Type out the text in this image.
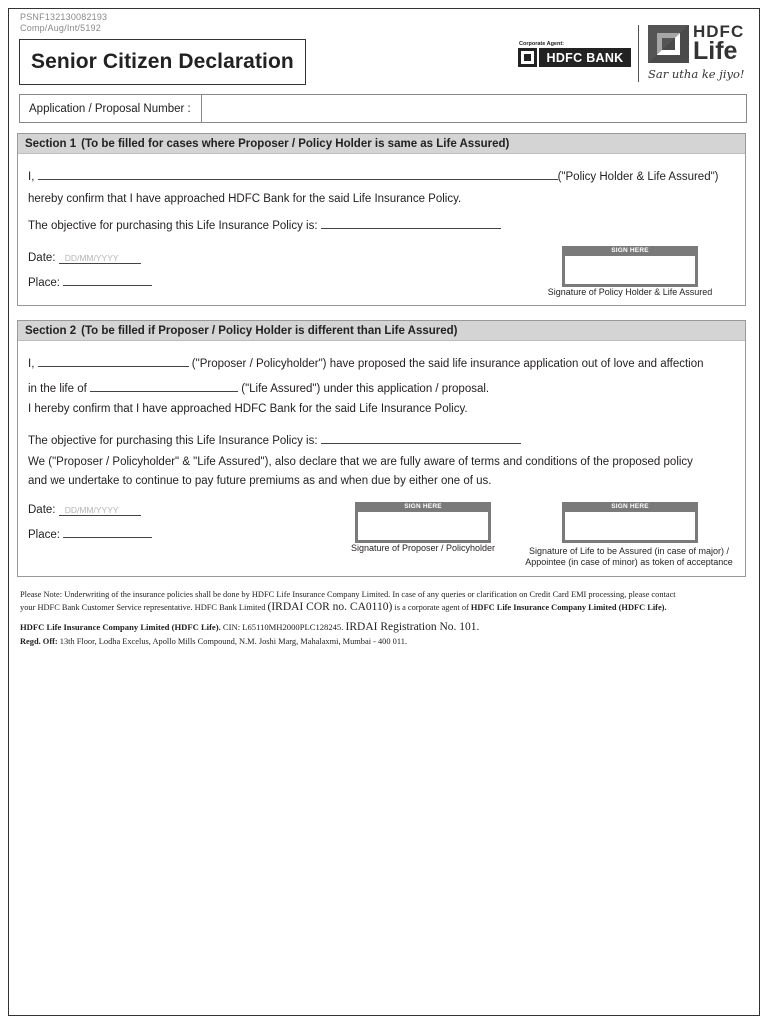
PSNF132130082193
Comp/Aug/Int/5192
Senior Citizen Declaration
Corporate Agent:
HDFC BANK
HDFC
Life
Sar utha ke jiyo!
Application / Proposal Number :
Section 1 (To be filled for cases where Proposer / Policy Holder is same as Life Assured)
I,	("Policy Holder & Life Assured")
hereby confirm that I have approached HDFC Bank for the said Life Insurance Policy.
The objective for purchasing this Life Insurance Policy is:
Date: DD/MM/YYYY
Place:
SIGN HERE
Signature of Policy Holder & Life Assured
Section 2 (To be filled if Proposer / Policy Holder is different than Life Assured)
I,	("Proposer / Policyholder") have proposed the said life insurance application out of love and affection
in the life of	("Life Assured") under this application / proposal.
I hereby confirm that I have approached HDFC Bank for the said Life Insurance Policy.
The objective for purchasing this Life Insurance Policy is:
We ("Proposer / Policyholder" & "Life Assured"), also declare that we are fully aware of terms and conditions of the proposed policy
and we undertake to continue to pay future premiums as and when due by either one of us.
Date: DD/MM/YYYY
Place:
SIGN HERE
Signature of Proposer / Policyholder
SIGN HERE
Signature of Life to be Assured (in case of major) /
Appointee (in case of minor) as token of acceptance
Please Note: Underwriting of the insurance policies shall be done by HDFC Life Insurance Company Limited. In case of any queries or clarification on Credit Card EMI processing, please contact
your HDFC Bank Customer Service representative. HDFC Bank Limited (IRDAI COR no. CA0110) is a corporate agent of HDFC Life Insurance Company Limited (HDFC Life).
HDFC Life Insurance Company Limited (HDFC Life). CIN: L65110MH2000PLC128245. IRDAI Registration No. 101.
Regd. Off: 13th Floor, Lodha Excelus, Apollo Mills Compound, N.M. Joshi Marg, Mahalaxmi, Mumbai - 400 011.
